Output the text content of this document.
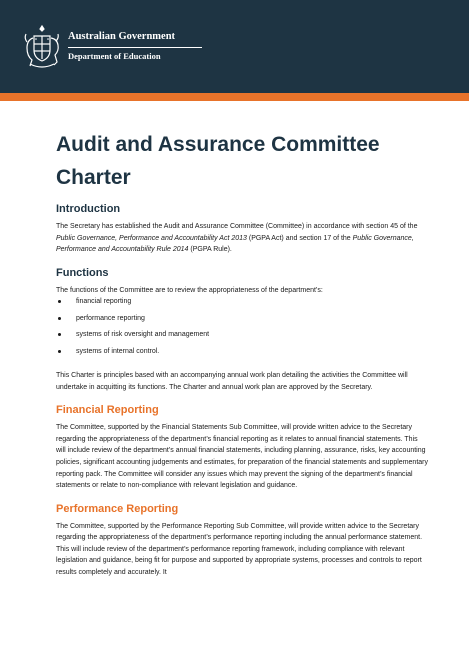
Australian Government
Department of Education
Audit and Assurance Committee Charter
Introduction

The Secretary has established the Audit and Assurance Committee (Committee) in accordance with section 45 of the Public Governance, Performance and Accountability Act 2013 (PGPA Act) and section 17 of the Public Governance, Performance and Accountability Rule 2014 (PGPA Rule).

Functions

The functions of the Committee are to review the appropriateness of the department’s:

financial reporting
performance reporting
systems of risk oversight and management
systems of internal control.

This Charter is principles based with an accompanying annual work plan detailing the activities the Committee will undertake in acquitting its functions. The Charter and annual work plan are approved by the Secretary.

Financial Reporting

The Committee, supported by the Financial Statements Sub Committee, will provide written advice to the Secretary regarding the appropriateness of the department’s financial reporting as it relates to annual financial statements. This will include review of the department’s annual financial statements, including planning, assurance, risks, key accounting policies, significant accounting judgements and estimates, for preparation of the financial statements and supplementary reporting pack. The Committee will consider any issues which may prevent the signing of the department’s financial statements or relate to non-compliance with relevant legislation and guidance.

Performance Reporting

The Committee, supported by the Performance Reporting Sub Committee, will provide written advice to the Secretary regarding the appropriateness of the department’s performance reporting including the annual performance statement. This will include review of the department’s performance reporting framework, including compliance with relevant legislation and guidance, being fit for purpose and supported by appropriate systems, processes and controls to report results completely and accurately. It
